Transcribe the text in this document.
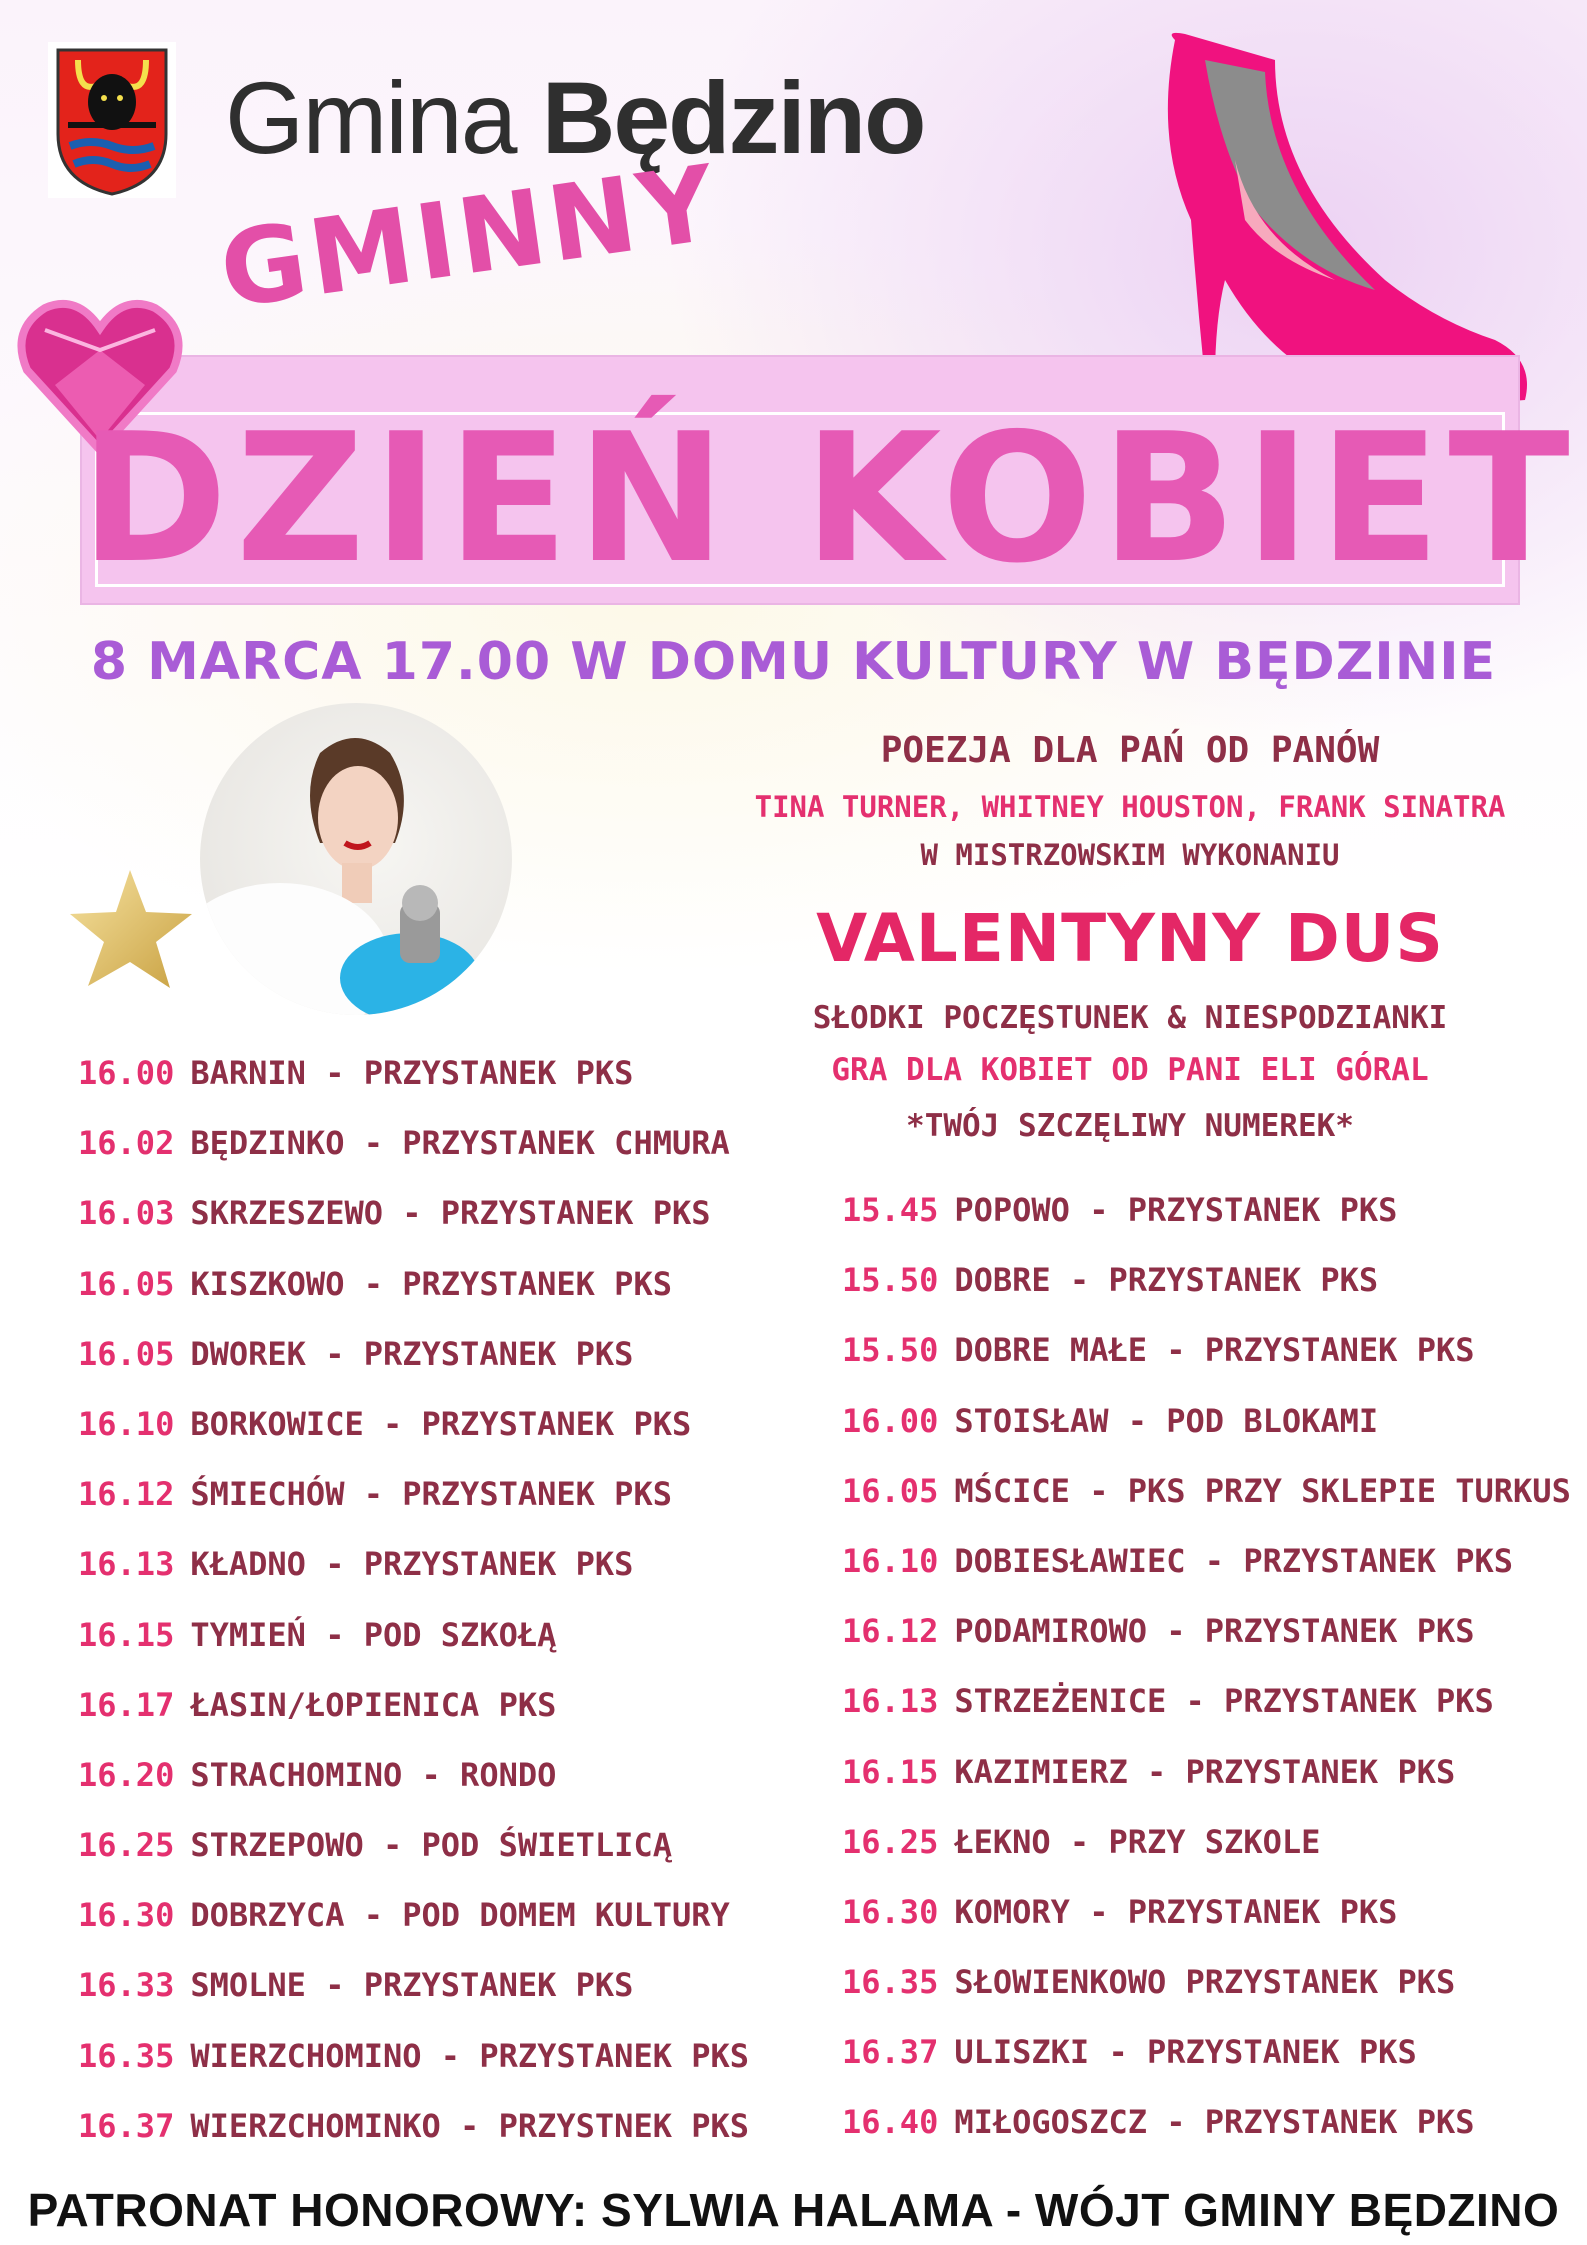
Gmina Będzino
GMINNY
DZIEŃ KOBIET
8 MARCA 17.00 W DOMU KULTURY W BĘDZINIE
POEZJA DLA PAŃ OD PANÓW
TINA TURNER, WHITNEY HOUSTON, FRANK SINATRA
W MISTRZOWSKIM WYKONANIU
VALENTYNY DUS
SŁODKI POCZĘSTUNEK & NIESPODZIANKI
GRA DLA KOBIET OD PANI ELI GÓRAL
*TWÓJ SZCZĘLIWY NUMEREK*
16.00 BARNIN - PRZYSTANEK PKS
16.02 BĘDZINKO - PRZYSTANEK CHMURA
16.03 SKRZESZEWO - PRZYSTANEK PKS
16.05 KISZKOWO - PRZYSTANEK PKS
16.05 DWOREK - PRZYSTANEK PKS
16.10 BORKOWICE - PRZYSTANEK PKS
16.12 ŚMIECHÓW - PRZYSTANEK PKS
16.13 KŁADNO - PRZYSTANEK PKS
16.15 TYMIEŃ - POD SZKOŁĄ
16.17 ŁASIN/ŁOPIENICA PKS
16.20 STRACHOMINO - RONDO
16.25 STRZEPOWO - POD ŚWIETLICĄ
16.30 DOBRZYCA - POD DOMEM KULTURY
16.33 SMOLNE - PRZYSTANEK PKS
16.35 WIERZCHOMINO - PRZYSTANEK PKS
16.37 WIERZCHOMINKO - PRZYSTNEK PKS
15.45 POPOWO - PRZYSTANEK PKS
15.50 DOBRE - PRZYSTANEK PKS
15.50 DOBRE MAŁE - PRZYSTANEK PKS
16.00 STOISŁAW - POD BLOKAMI
16.05 MŚCICE - PKS PRZY SKLEPIE TURKUS
16.10 DOBIESŁAWIEC - PRZYSTANEK PKS
16.12 PODAMIROWO - PRZYSTANEK PKS
16.13 STRZEŻENICE - PRZYSTANEK PKS
16.15 KAZIMIERZ - PRZYSTANEK PKS
16.25 ŁEKNO - PRZY SZKOLE
16.30 KOMORY - PRZYSTANEK PKS
16.35 SŁOWIENKOWO PRZYSTANEK PKS
16.37 ULISZKI - PRZYSTANEK PKS
16.40 MIŁOGOSZCZ - PRZYSTANEK PKS
PATRONAT HONOROWY: SYLWIA HALAMA - WÓJT GMINY BĘDZINO
